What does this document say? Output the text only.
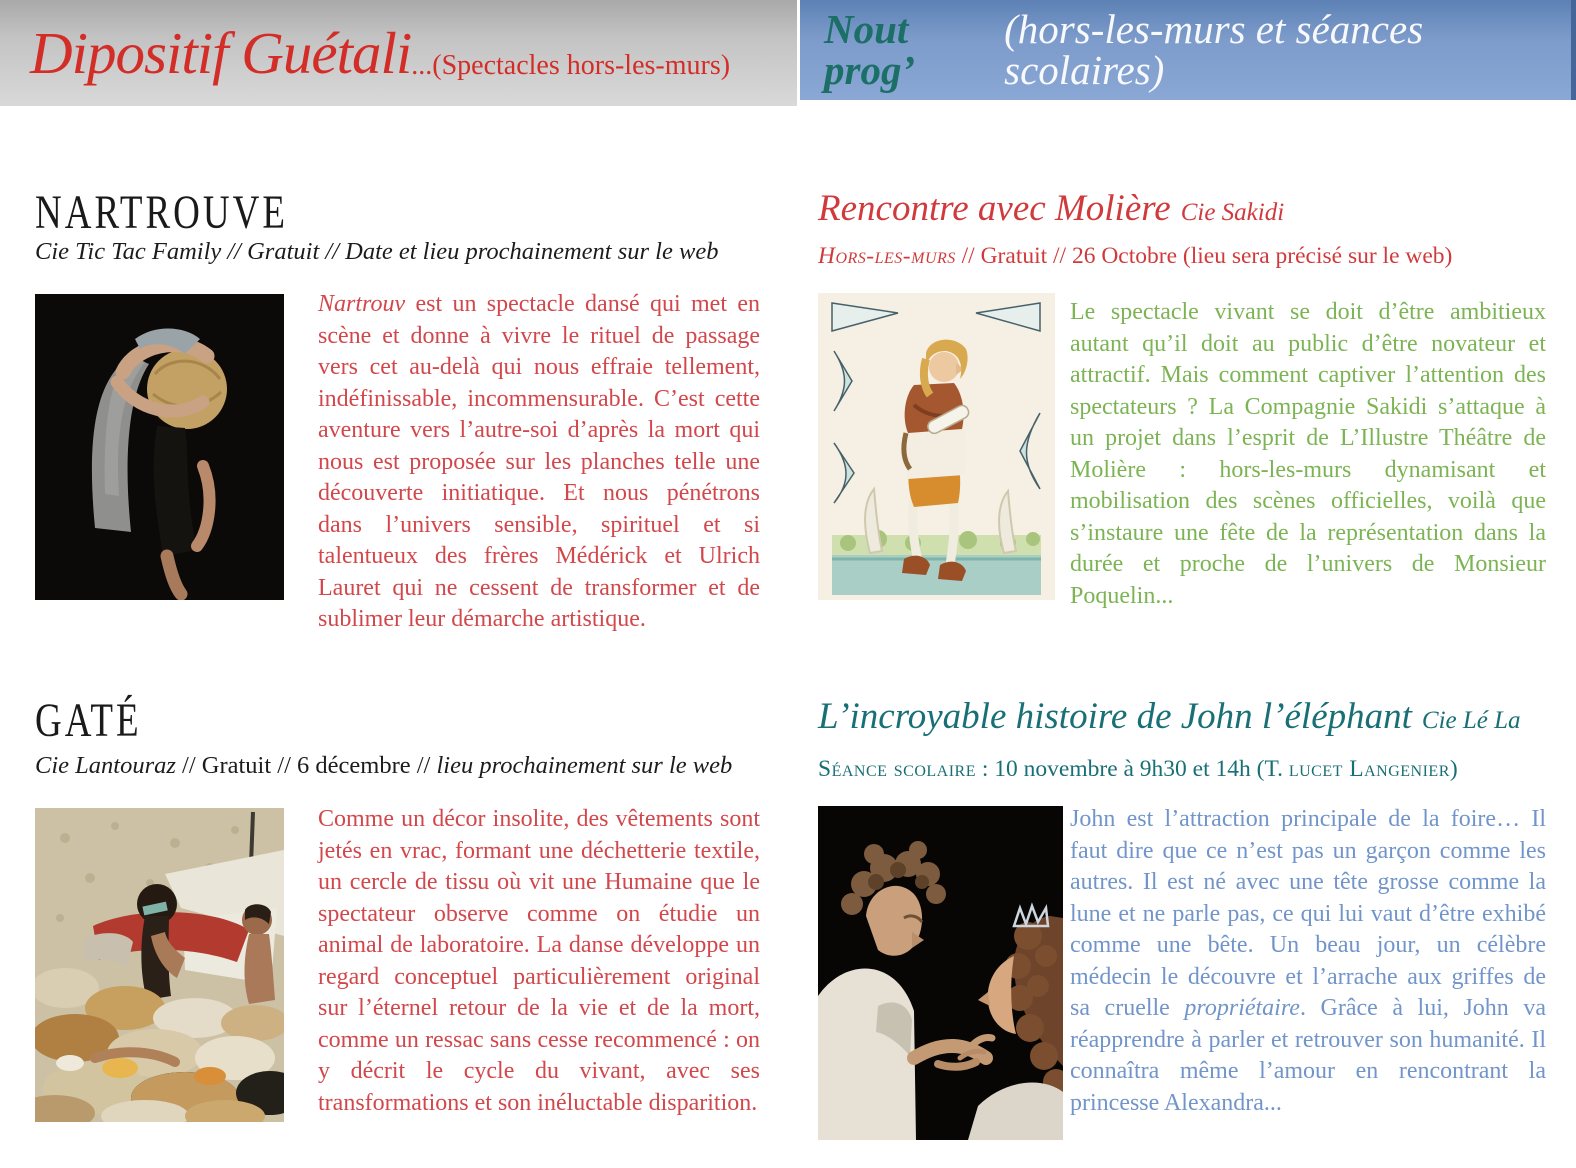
Dipositif Guétali ...(Spectacles hors-les-murs)
Nout prog’
(hors-les-murs et séances scolaires)
NARTROUVE
Cie Tic Tac Family // Gratuit // Date et lieu prochainement sur le web
Nartrouv est un spectacle dansé qui met en scène et donne à vivre le rituel de passage vers cet au-delà qui nous effraie tellement, indéfinissable, incommensurable. C’est cette aventure vers l’autre-soi d’après la mort qui nous est proposée sur les planches telle une découverte initiatique. Et nous pénétrons dans l’univers sensible, spirituel et si talentueux des frères Médérick et Ulrich Lauret qui ne cessent de transformer et de sublimer leur démarche artistique.
GATÉ
Cie Lantouraz // Gratuit // 6 décembre // lieu prochainement sur le web
Comme un décor insolite, des vêtements sont jetés en vrac, formant une déchetterie textile, un cercle de tissu où vit une Humaine que le spectateur observe comme on étudie un animal de laboratoire. La danse développe un regard conceptuel particulièrement original sur l’éternel retour de la vie et de la mort, comme un ressac sans cesse recommencé : on y décrit le cycle du vivant, avec ses transformations et son inéluctable disparition.
Rencontre avec Molière Cie Sakidi
Hors-les-murs // Gratuit // 26 Octobre (lieu sera précisé sur le web)
Le spectacle vivant se doit d’être ambitieux autant qu’il doit au public d’être novateur et attractif. Mais comment captiver l’attention des spectateurs ? La Compagnie Sakidi s’attaque à un projet dans l’esprit de L’Illustre Théâtre de Molière : hors-les-murs dynamisant et mobilisation des scènes officielles, voilà que s’instaure une fête de la représentation dans la durée et proche de l’univers de Monsieur Poquelin...
L’incroyable histoire de John l’éléphant Cie Lé La
Séance scolaire : 10 novembre à 9h30 et 14h (T. lucet Langenier)
John est l’attraction principale de la foire… Il faut dire que ce n’est pas un garçon comme les autres. Il est né avec une tête grosse comme la lune et ne parle pas, ce qui lui vaut d’être exhibé comme une bête. Un beau jour, un célèbre médecin le découvre et l’arrache aux griffes de sa cruelle propriétaire. Grâce à lui, John va réapprendre à parler et retrouver son humanité. Il connaîtra même l’amour en rencontrant la princesse Alexandra...
